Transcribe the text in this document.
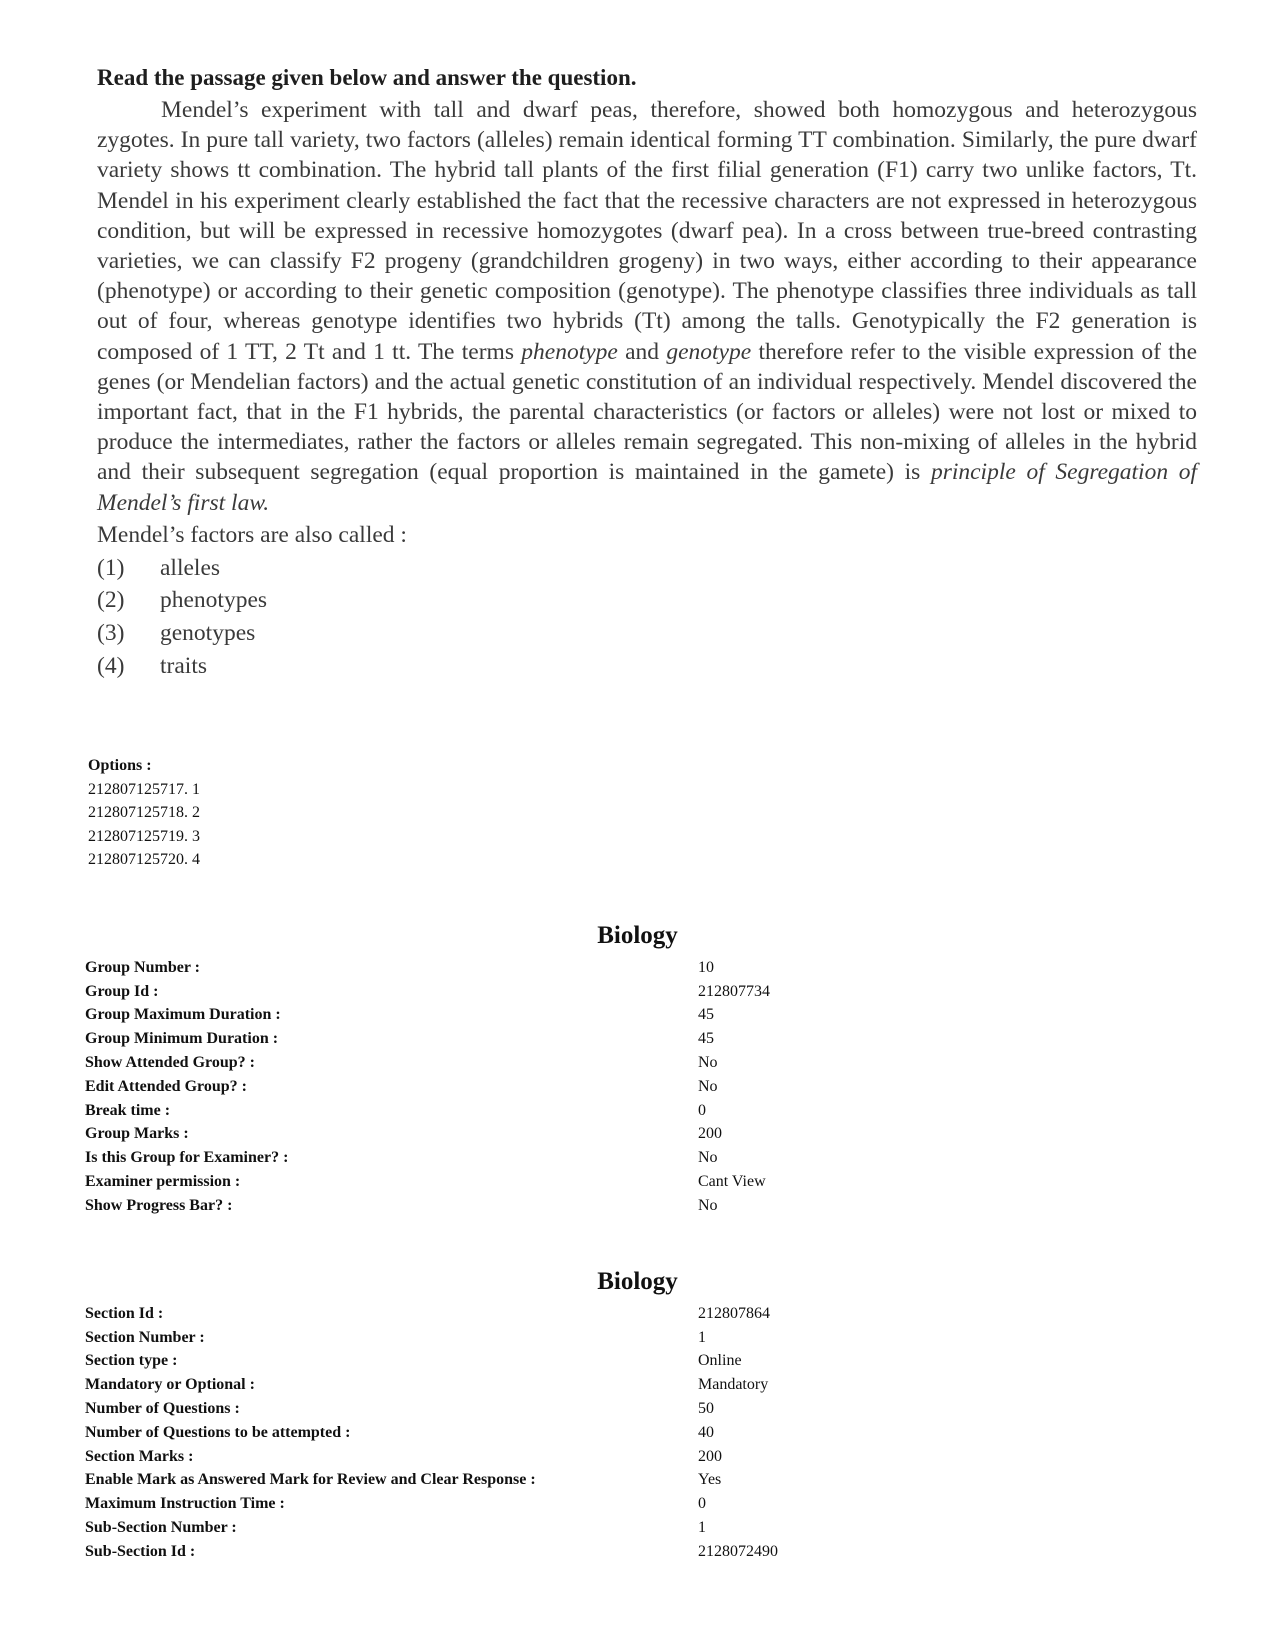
Read the passage given below and answer the question.

Mendel’s experiment with tall and dwarf peas, therefore, showed both homozygous and heterozygous zygotes. In pure tall variety, two factors (alleles) remain identical forming TT combination. Similarly, the pure dwarf variety shows tt combination. The hybrid tall plants of the first filial generation (F1) carry two unlike factors, Tt. Mendel in his experiment clearly established the fact that the recessive characters are not expressed in heterozygous condition, but will be expressed in recessive homozygotes (dwarf pea). In a cross between true-breed contrasting varieties, we can classify F2 progeny (grandchildren grogeny) in two ways, either according to their appearance (phenotype) or according to their genetic composition (genotype). The phenotype classifies three individuals as tall out of four, whereas genotype identifies two hybrids (Tt) among the talls. Genotypically the F2 generation is composed of 1 TT, 2 Tt and 1 tt. The terms phenotype and genotype therefore refer to the visible expression of the genes (or Mendelian factors) and the actual genetic constitution of an individual respectively. Mendel discovered the important fact, that in the F1 hybrids, the parental characteristics (or factors or alleles) were not lost or mixed to produce the intermediates, rather the factors or alleles remain segregated. This non-mixing of alleles in the hybrid and their subsequent segregation (equal proportion is maintained in the gamete) is principle of Segregation of Mendel’s first law.

Mendel’s factors are also called :
(1)	alleles
(2)	phenotypes
(3)	genotypes
(4)	traits
Options :
212807125717. 1
212807125718. 2
212807125719. 3
212807125720. 4
Biology
Group Number :	10
Group Id :	212807734
Group Maximum Duration :	45
Group Minimum Duration :	45
Show Attended Group? :	No
Edit Attended Group? :	No
Break time :	0
Group Marks :	200
Is this Group for Examiner? :	No
Examiner permission :	Cant View
Show Progress Bar? :	No
Biology
Section Id :	212807864
Section Number :	1
Section type :	Online
Mandatory or Optional :	Mandatory
Number of Questions :	50
Number of Questions to be attempted :	40
Section Marks :	200
Enable Mark as Answered Mark for Review and Clear Response :	Yes
Maximum Instruction Time :	0
Sub-Section Number :	1
Sub-Section Id :	2128072490
